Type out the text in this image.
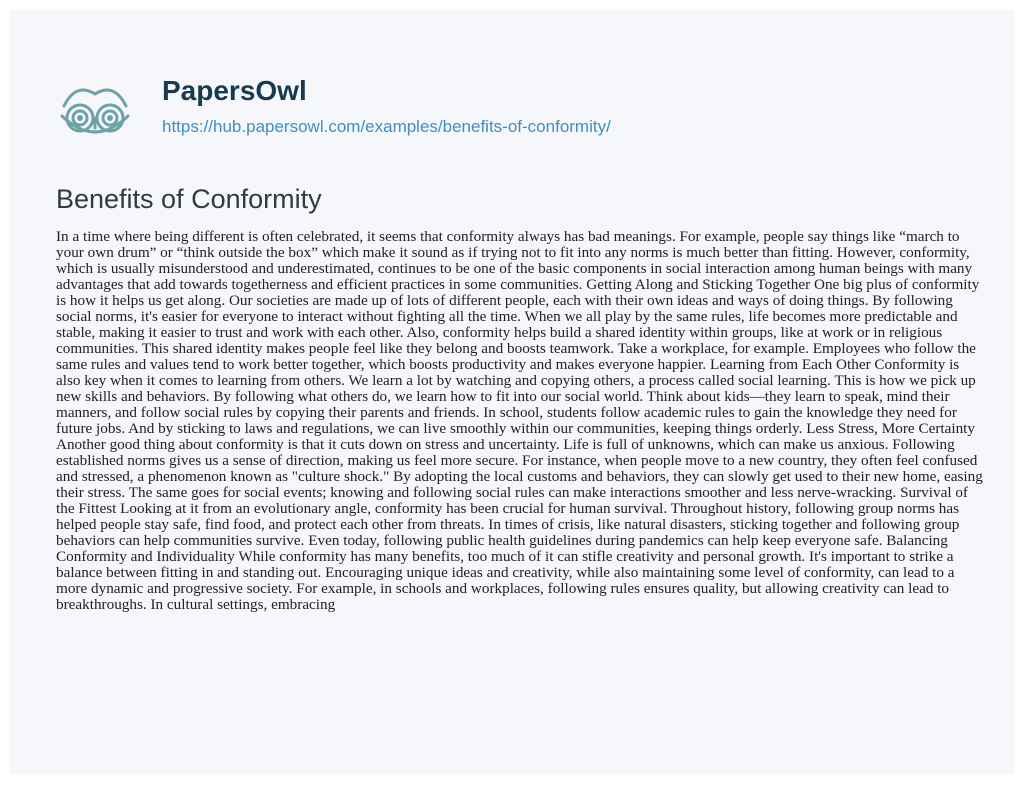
PapersOwl
https://hub.papersowl.com/examples/benefits-of-conformity/
Benefits of Conformity

In a time where being different is often celebrated, it seems that conformity always has bad meanings. For example, people say things like “march to your own drum” or “think outside the box” which make it sound as if trying not to fit into any norms is much better than fitting. However, conformity, which is usually misunderstood and underestimated, continues to be one of the basic components in social interaction among human beings with many advantages that add towards togetherness and efficient practices in some communities. Getting Along and Sticking Together One big plus of conformity is how it helps us get along. Our societies are made up of lots of different people, each with their own ideas and ways of doing things. By following social norms, it's easier for everyone to interact without fighting all the time. When we all play by the same rules, life becomes more predictable and stable, making it easier to trust and work with each other. Also, conformity helps build a shared identity within groups, like at work or in religious communities. This shared identity makes people feel like they belong and boosts teamwork. Take a workplace, for example. Employees who follow the same rules and values tend to work better together, which boosts productivity and makes everyone happier. Learning from Each Other Conformity is also key when it comes to learning from others. We learn a lot by watching and copying others, a process called social learning. This is how we pick up new skills and behaviors. By following what others do, we learn how to fit into our social world. Think about kids—they learn to speak, mind their manners, and follow social rules by copying their parents and friends. In school, students follow academic rules to gain the knowledge they need for future jobs. And by sticking to laws and regulations, we can live smoothly within our communities, keeping things orderly. Less Stress, More Certainty Another good thing about conformity is that it cuts down on stress and uncertainty. Life is full of unknowns, which can make us anxious. Following established norms gives us a sense of direction, making us feel more secure. For instance, when people move to a new country, they often feel confused and stressed, a phenomenon known as "culture shock." By adopting the local customs and behaviors, they can slowly get used to their new home, easing their stress. The same goes for social events; knowing and following social rules can make interactions smoother and less nerve-wracking. Survival of the Fittest Looking at it from an evolutionary angle, conformity has been crucial for human survival. Throughout history, following group norms has helped people stay safe, find food, and protect each other from threats. In times of crisis, like natural disasters, sticking together and following group behaviors can help communities survive. Even today, following public health guidelines during pandemics can help keep everyone safe. Balancing Conformity and Individuality While conformity has many benefits, too much of it can stifle creativity and personal growth. It's important to strike a balance between fitting in and standing out. Encouraging unique ideas and creativity, while also maintaining some level of conformity, can lead to a more dynamic and progressive society. For example, in schools and workplaces, following rules ensures quality, but allowing creativity can lead to breakthroughs. In cultural settings, embracing
